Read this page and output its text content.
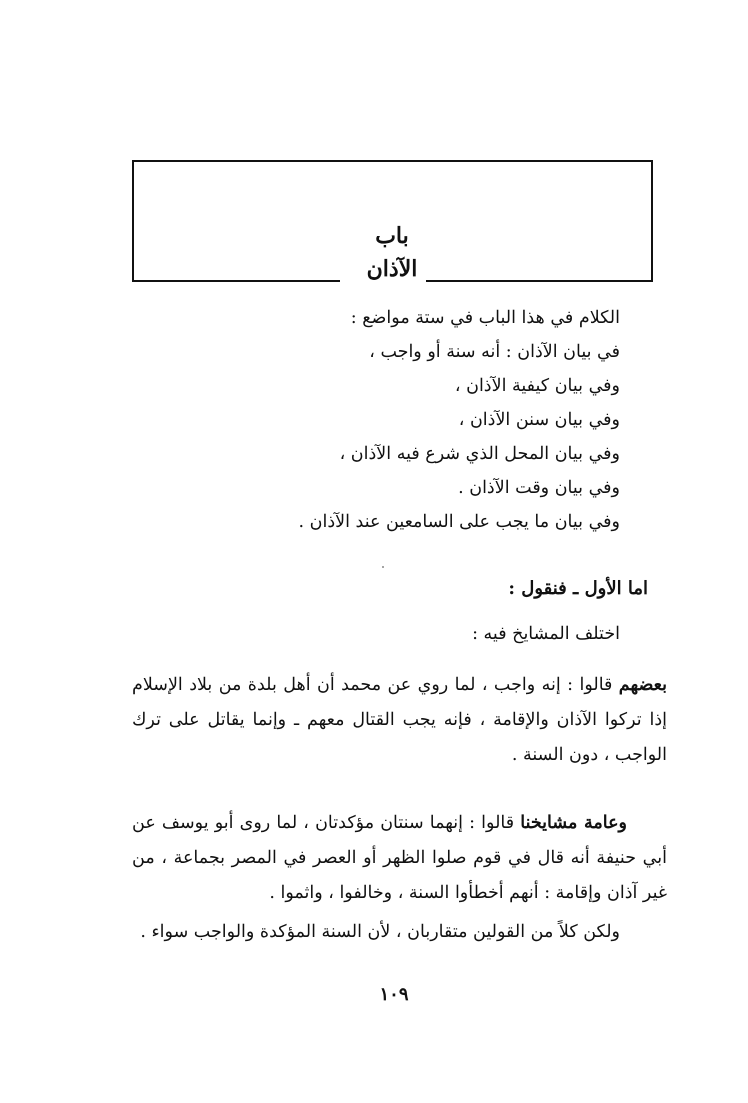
باب
الآذان
الكلام في هذا الباب في ستة مواضع :
في بيان الآذان : أنه سنة أو واجب ،
وفي بيان كيفية الآذان ،
وفي بيان سنن الآذان ،
وفي بيان المحل الذي شرع فيه الآذان ،
وفي بيان وقت الآذان .
وفي بيان ما يجب على السامعين عند الآذان .
اما الأول ـ فنقول :
اختلف المشايخ فيه :
بعضهم قالوا : إنه واجب ، لما روي عن محمد أن أهل بلدة من بلاد الإسلام إذا تركوا الآذان والإقامة ، فإنه يجب القتال معهم ـ وإنما يقاتل على ترك الواجب ، دون السنة .
وعامة مشايخنا قالوا : إنهما سنتان مؤكدتان ، لما روى أبو يوسف عن أبي حنيفة أنه قال في قوم صلوا الظهر أو العصر في المصر بجماعة ، من غير آذان وإقامة : أنهم أخطأوا السنة ، وخالفوا ، واثموا .
ولكن كلاً من القولين متقاربان ، لأن السنة المؤكدة والواجب سواء .
١٠٩
